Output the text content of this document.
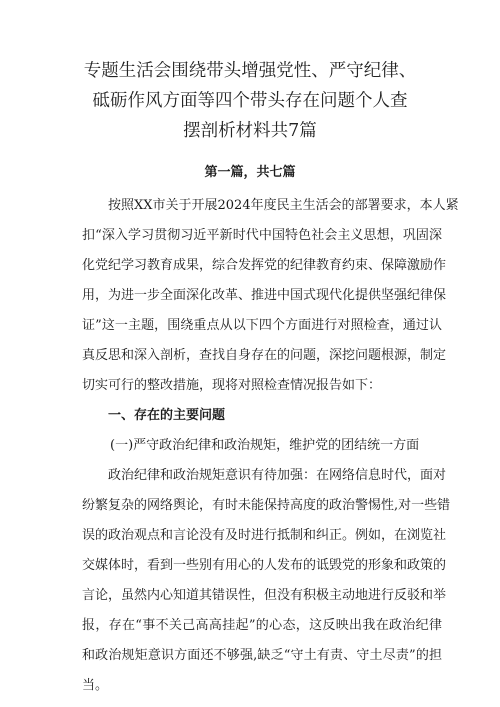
专题生活会围绕带头增强党性、严守纪律、
砥砺作风方面等四个带头存在问题个人查
摆剖析材料共7篇
第一篇，共七篇
按照XX市关于开展2024年度民主生活会的部署要求，本人紧
扣“深入学习贯彻习近平新时代中国特色社会主义思想，巩固深
化党纪学习教育成果，综合发挥党的纪律教育约束、保障激励作
用，为进一步全面深化改革、推进中国式现代化提供坚强纪律保
证”这一主题，围绕重点从以下四个方面进行对照检查，通过认
真反思和深入剖析，查找自身存在的问题，深挖问题根源，制定
切实可行的整改措施，现将对照检查情况报告如下：
一、存在的主要问题
(一)严守政治纪律和政治规矩，维护党的团结统一方面
政治纪律和政治规矩意识有待加强：在网络信息时代，面对
纷繁复杂的网络舆论，有时未能保持高度的政治警惕性,对一些错
误的政治观点和言论没有及时进行抵制和纠正。例如，在浏览社
交媒体时，看到一些别有用心的人发布的诋毁党的形象和政策的
言论，虽然内心知道其错误性，但没有积极主动地进行反驳和举
报，存在“事不关己高高挂起”的心态，这反映出我在政治纪律
和政治规矩意识方面还不够强,缺乏“守土有责、守土尽责”的担
当。
